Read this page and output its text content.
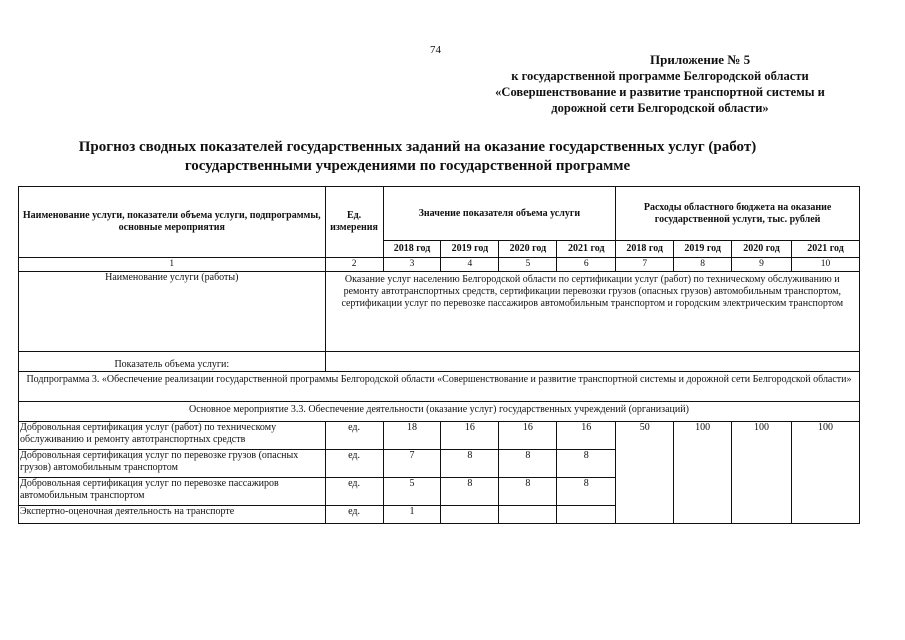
74
Приложение № 5
к государственной программе Белгородской области
«Совершенствование и развитие транспортной системы и
дорожной сети Белгородской области»
Прогноз сводных показателей государственных заданий на оказание государственных услуг (работ)
государственными учреждениями по государственной программе
Наименование услуги, показатели объема услуги, подпрограммы, основные мероприятия	Ед. измерения	Значение показателя объема услуги				Расходы областного бюджета на оказание государственной услуги, тыс. рублей			
		2018 год	2019 год	2020 год	2021 год	2018 год	2019 год	2020 год	2021 год
1	2	3	4	5	6	7	8	9	10
Наименование услуги (работы)	Оказание услуг населению Белгородской области по сертификации услуг (работ) по техническому обслуживанию и ремонту автотранспортных средств, сертификации перевозки грузов (опасных грузов) автомобильным транспортом, сертификации услуг по перевозке пассажиров автомобильным транспортом и городским электрическим транспортом								
Показатель объема услуги:									
Подпрограмма 3. «Обеспечение реализации государственной программы Белгородской области «Совершенствование и развитие транспортной системы и дорожной сети Белгородской области»									
Основное мероприятие 3.3. Обеспечение деятельности (оказание услуг) государственных учреждений (организаций)									
Добровольная сертификация услуг (работ) по техническому обслуживанию и ремонту автотранспортных средств	ед.	18	16	16	16	50	100	100	100
Добровольная сертификация услуг по перевозке грузов (опасных грузов) автомобильным транспортом	ед.	7	8	8	8				
Добровольная сертификация услуг по перевозке пассажиров автомобильным транспортом	ед.	5	8	8	8				
Экспертно-оценочная деятельность на транспорте	ед.	1							
